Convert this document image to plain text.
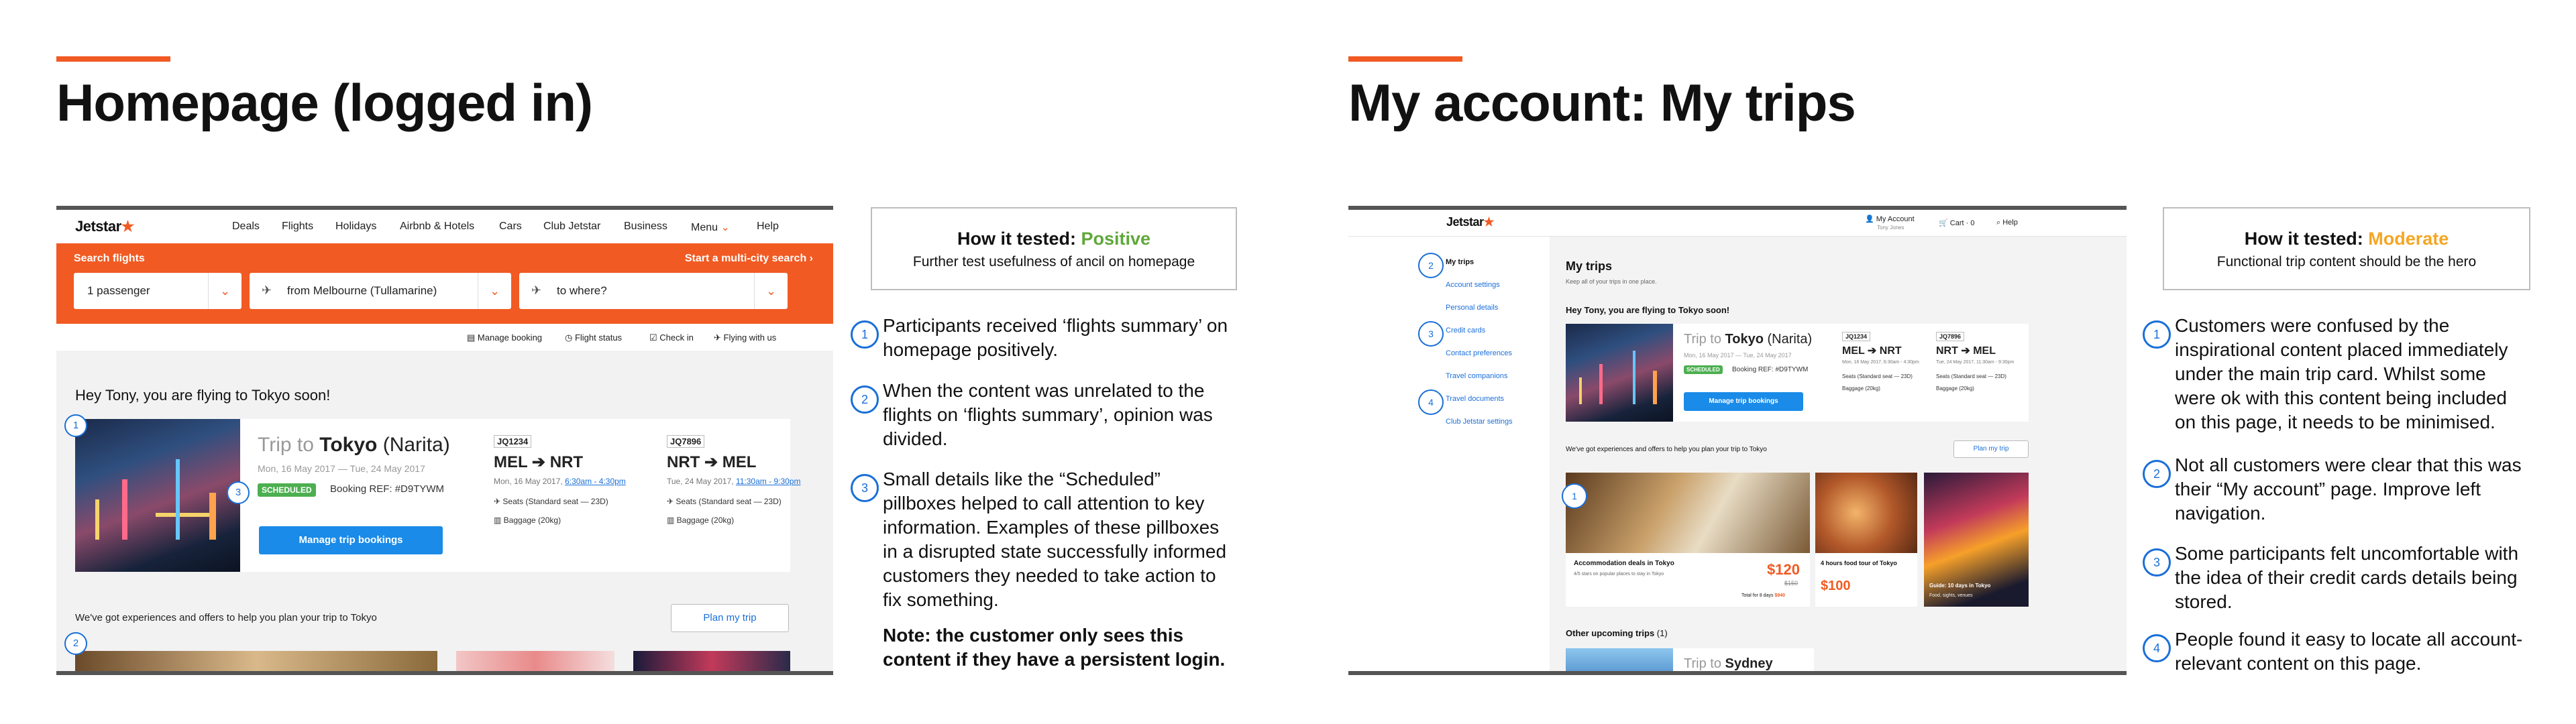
Homepage (logged in)
Jetstar★	Deals Flights Holidays Airbnb & Hotels Cars Club Jetstar Business Menu ⌄	Help
Search flights	Start a multi-city search ›
1 passenger	⌄	✈ from Melbourne (Tullamarine)	⌄	✈ to where?	⌄
▤ Manage booking	◷ Flight status	☑ Check in ✈ Flying with us
Hey Tony, you are flying to Tokyo soon!
Trip to Tokyo (Narita)
Mon, 16 May 2017 — Tue, 24 May 2017
SCHEDULED	Booking REF: #D9TYWM
Manage trip bookings
JQ1234
MEL ➔ NRT
Mon, 16 May 2017, 6:30am - 4:30pm
✈ Seats (Standard seat — 23D)
▥ Baggage (20kg)
JQ7896
NRT ➔ MEL
Tue, 24 May 2017, 11:30am - 9:30pm
✈ Seats (Standard seat — 23D)
▥ Baggage (20kg)
We've got experiences and offers to help you plan your trip to Tokyo	Plan my trip
1
3
2
How it tested: Positive
Further test usefulness of ancil on homepage
1 Participants received ‘flights summary’ on homepage positively.
2 When the content was unrelated to the flights on ‘flights summary’, opinion was divided.
3 Small details like the “Scheduled” pillboxes helped to call attention to key information. Examples of these pillboxes in a disrupted state successfully informed customers they needed to take action to fix something.
Note: the customer only sees this content if they have a persistent login.
My account: My trips
Jetstar★	👤 My Account
Tony Jones
🛒 Cart · 0	⌕ Help
My trips
Account settings
Personal details
Credit cards
Contact preferences
Travel companions
Travel documents
Club Jetstar settings
My trips
Keep all of your trips in one place.
Hey Tony, you are flying to Tokyo soon!
Trip to Tokyo (Narita)
Mon, 16 May 2017 — Tue, 24 May 2017
SCHEDULED	Booking REF: #D9TYWM
Manage trip bookings
JQ1234
MEL ➔ NRT
Mon, 16 May 2017, 6:30am - 4:30pm
Seats (Standard seat — 23D)
Baggage (20kg)
JQ7896
NRT ➔ MEL
Tue, 24 May 2017, 11:30am - 9:30pm
Seats (Standard seat — 23D)
Baggage (20kg)
We've got experiences and offers to help you plan your trip to Tokyo	Plan my trip
Accommodation deals in Tokyo
4/5 stars on popular places to stay in Tokyo	$120
$150
Total for 8 days $940
4 hours food tour of Tokyo
$100	Guide: 10 days in Tokyo
Food, sights, venues
Other upcoming trips (1)
Trip to Sydney
2
3
4
1
How it tested: Moderate
Functional trip content should be the hero
1 Customers were confused by the inspirational content placed immediately under the main trip card. Whilst some were ok with this content being included on this page, it needs to be minimised.
2 Not all customers were clear that this was their “My account” page. Improve left navigation.
3 Some participants felt uncomfortable with the idea of their credit cards details being stored.
4 People found it easy to locate all account-relevant content on this page.
